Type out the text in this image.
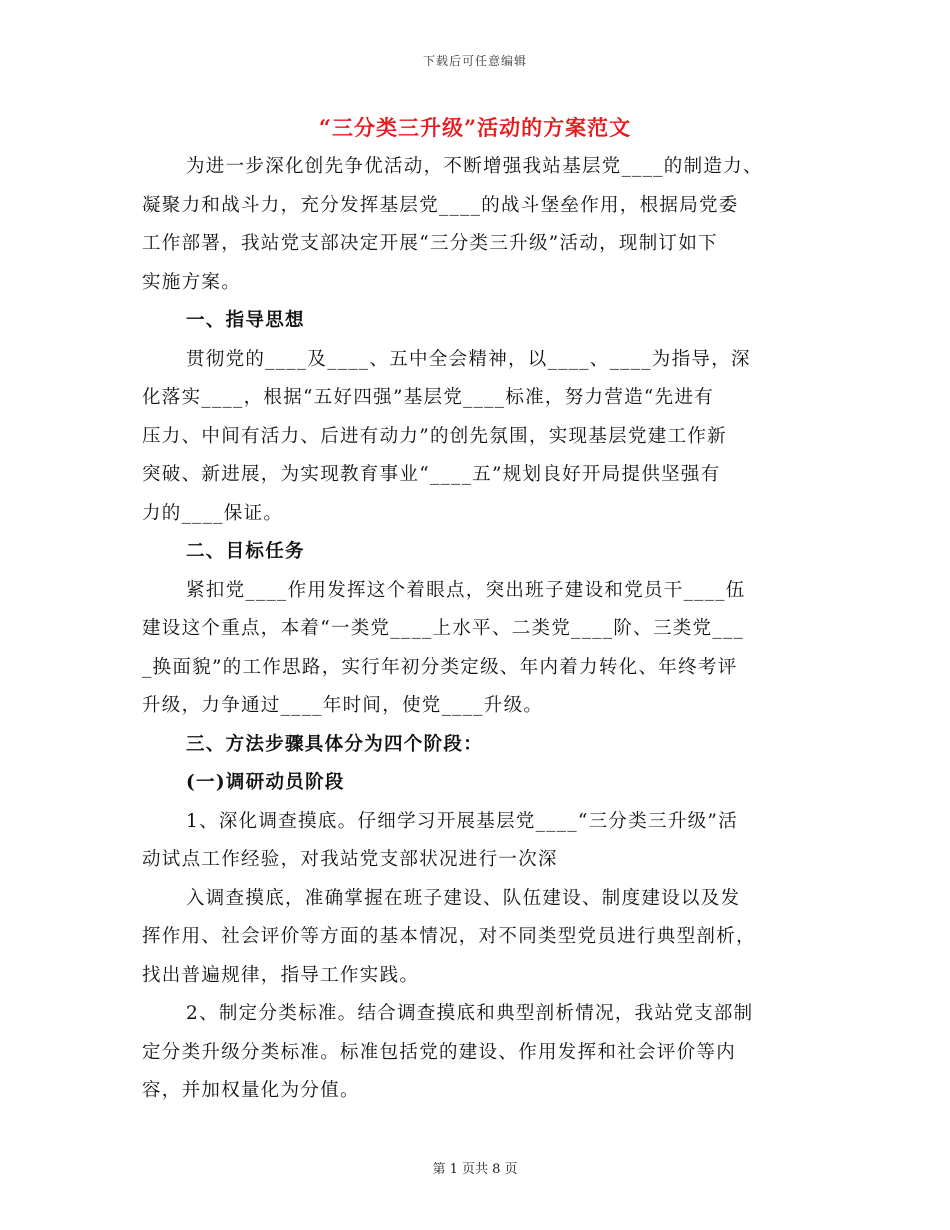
下载后可任意编辑
“三分类三升级”活动的方案范文
为进一步深化创先争优活动，不断增强我站基层党____的制造力、
凝聚力和战斗力，充分发挥基层党____的战斗堡垒作用，根据局党委
工作部署，我站党支部决定开展“三分类三升级”活动，现制订如下
实施方案。
一、指导思想
贯彻党的____及____、五中全会精神，以____、____为指导，深
化落实____，根据“五好四强”基层党____标准，努力营造“先进有
压力、中间有活力、后进有动力”的创先氛围，实现基层党建工作新
突破、新进展，为实现教育事业“____五”规划良好开局提供坚强有
力的____保证。
二、目标任务
紧扣党____作用发挥这个着眼点，突出班子建设和党员干____伍
建设这个重点，本着“一类党____上水平、二类党____阶、三类党___
_换面貌”的工作思路，实行年初分类定级、年内着力转化、年终考评
升级，力争通过____年时间，使党____升级。
三、方法步骤具体分为四个阶段：
(一)调研动员阶段
1、深化调查摸底。仔细学习开展基层党____“三分类三升级”活
动试点工作经验，对我站党支部状况进行一次深
入调查摸底，准确掌握在班子建设、队伍建设、制度建设以及发
挥作用、社会评价等方面的基本情况，对不同类型党员进行典型剖析，
找出普遍规律，指导工作实践。
2、制定分类标准。结合调查摸底和典型剖析情况，我站党支部制
定分类升级分类标准。标准包括党的建设、作用发挥和社会评价等内
容，并加权量化为分值。
第 1 页共 8 页
